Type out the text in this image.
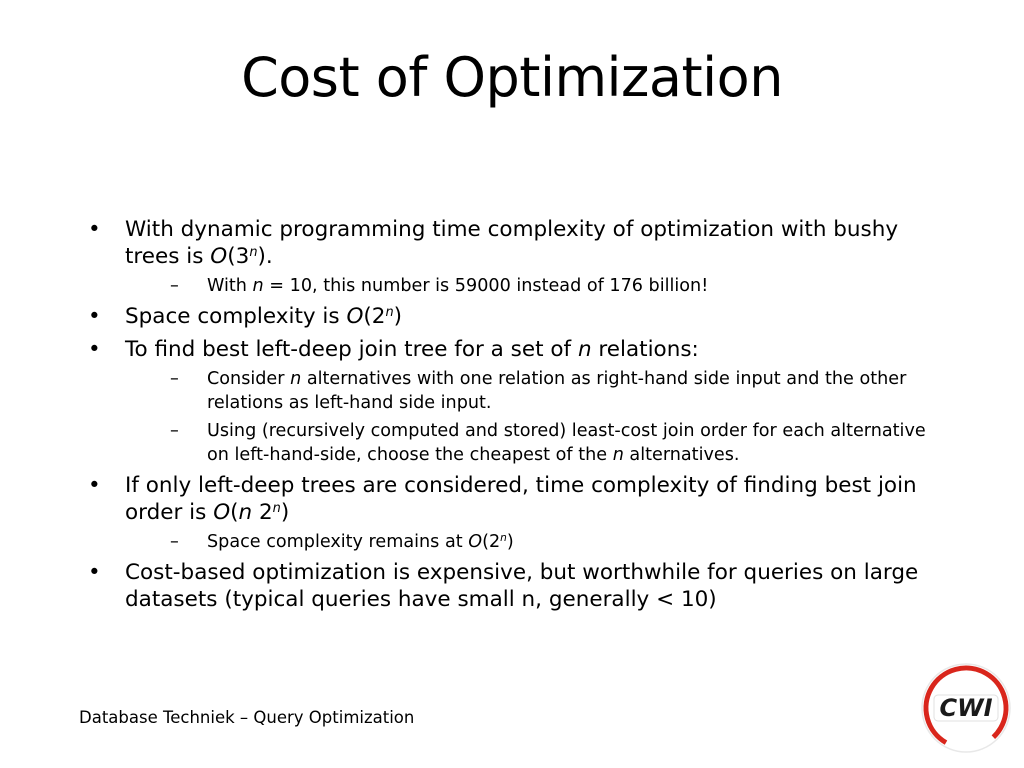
Cost of Optimization
• With dynamic programming time complexity of optimization with bushy trees is O(3$^n$).
– With n = 10, this number is 59000 instead of 176 billion!
• Space complexity is O(2$^n$)
• To find best left-deep join tree for a set of n relations:
– Consider n alternatives with one relation as right-hand side input and the other relations as left-hand side input.
– Using (recursively computed and stored) least-cost join order for each alternative on left-hand-side, choose the cheapest of the n alternatives.
• If only left-deep trees are considered, time complexity of finding best join order is O(n 2$^n$)
– Space complexity remains at O(2$^n$)
• Cost-based optimization is expensive, but worthwhile for queries on large datasets (typical queries have small n, generally < 10)
Database Techniek – Query Optimization	CWI
